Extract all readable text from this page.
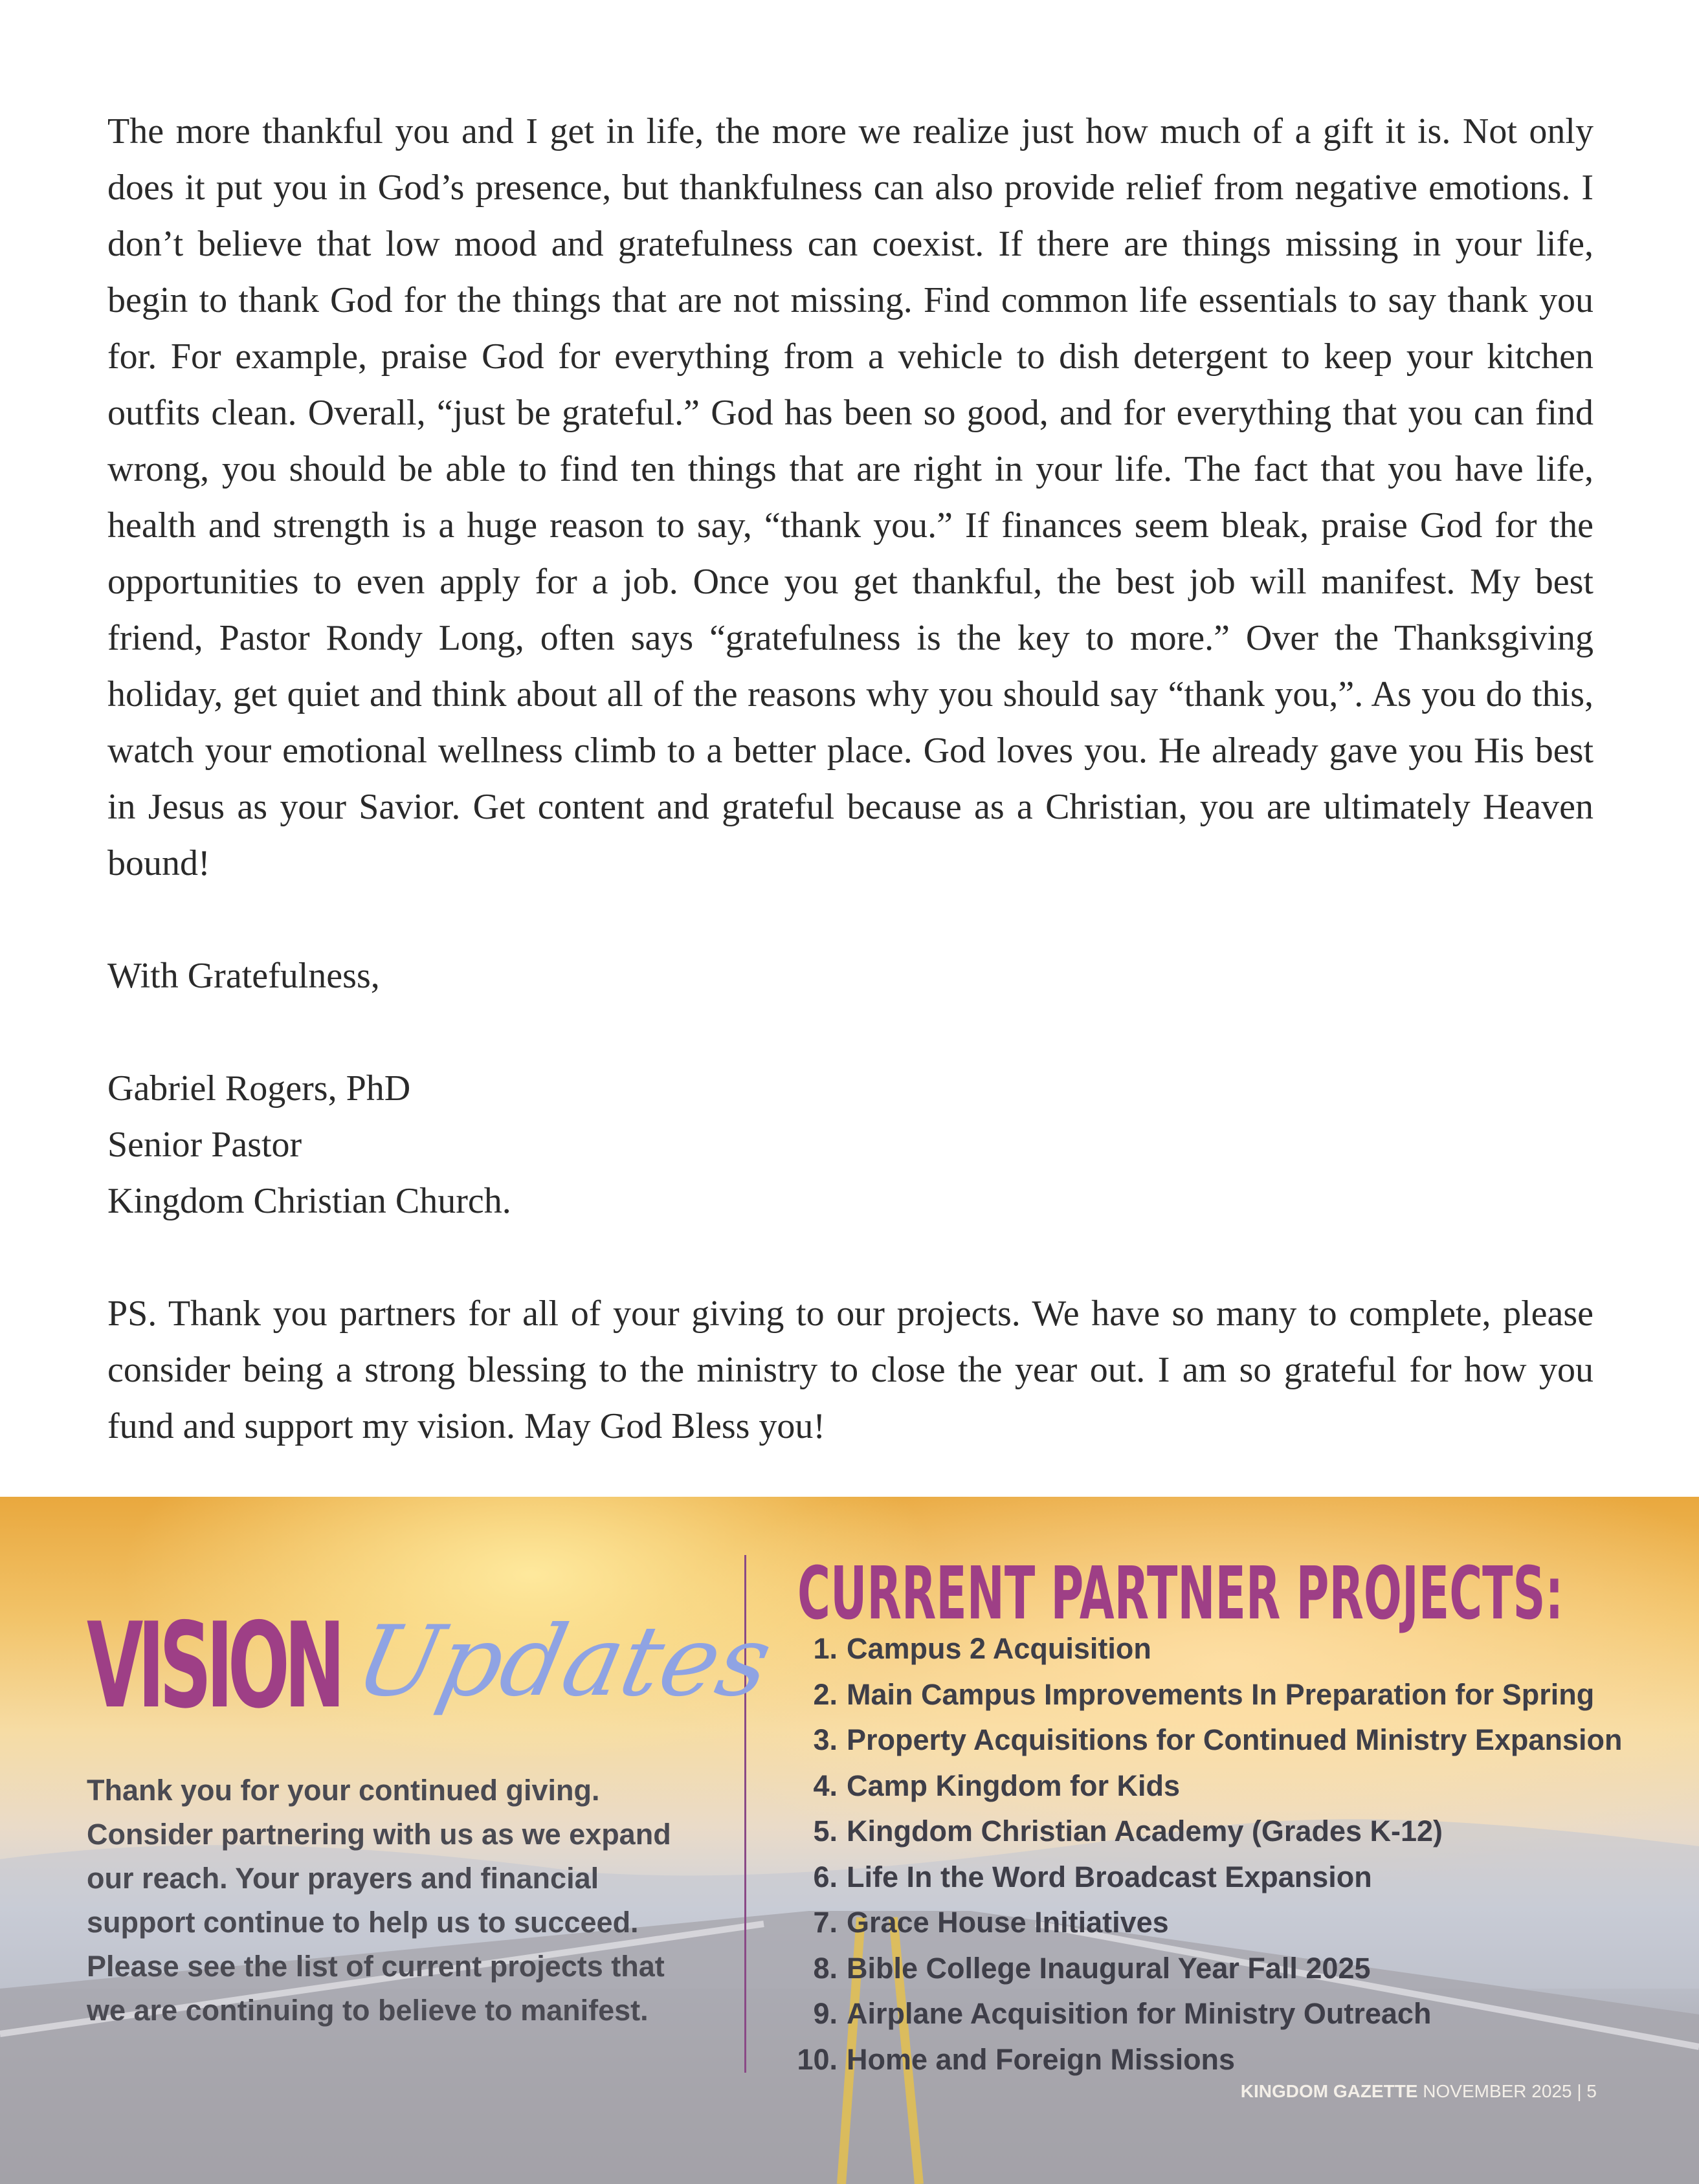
The more thankful you and I get in life, the more we realize just how much of a gift it is. Not only does it put you in God’s presence, but thankfulness can also provide relief from negative emotions. I don’t believe that low mood and gratefulness can coexist. If there are things missing in your life, begin to thank God for the things that are not missing. Find common life essentials to say thank you for. For example, praise God for everything from a vehicle to dish detergent to keep your kitchen outfits clean. Overall, “just be grateful.” God has been so good, and for everything that you can find wrong, you should be able to find ten things that are right in your life. The fact that you have life, health and strength is a huge reason to say, “thank you.” If finances seem bleak, praise God for the opportunities to even apply for a job. Once you get thankful, the best job will manifest. My best friend, Pastor Rondy Long, often says “gratefulness is the key to more.” Over the Thanksgiving holiday, get quiet and think about all of the reasons why you should say “thank you,”. As you do this, watch your emotional wellness climb to a better place. God loves you. He already gave you His best in Jesus as your Savior. Get content and grateful because as a Christian, you are ultimately Heaven bound!

With Gratefulness,

Gabriel Rogers, PhD

Senior Pastor

Kingdom Christian Church.

PS. Thank you partners for all of your giving to our projects. We have so many to complete, please consider being a strong blessing to the ministry to close the year out. I am so grateful for how you fund and support my vision. May God Bless you!

VISION Updates
Thank you for your continued giving. Consider partnering with us as we expand our reach. Your prayers and financial support continue to help us to succeed. Please see the list of current projects that we are continuing to believe to manifest.
CURRENT PARTNER PROJECTS:
1. Campus 2 Acquisition
2. Main Campus Improvements In Preparation for Spring
3. Property Acquisitions for Continued Ministry Expansion
4. Camp Kingdom for Kids
5. Kingdom Christian Academy (Grades K-12)
6. Life In the Word Broadcast Expansion
7. Grace House Initiatives
8. Bible College Inaugural Year Fall 2025
9. Airplane Acquisition for Ministry Outreach
10. Home and Foreign Missions
KINGDOM GAZETTE NOVEMBER 2025 | 5
